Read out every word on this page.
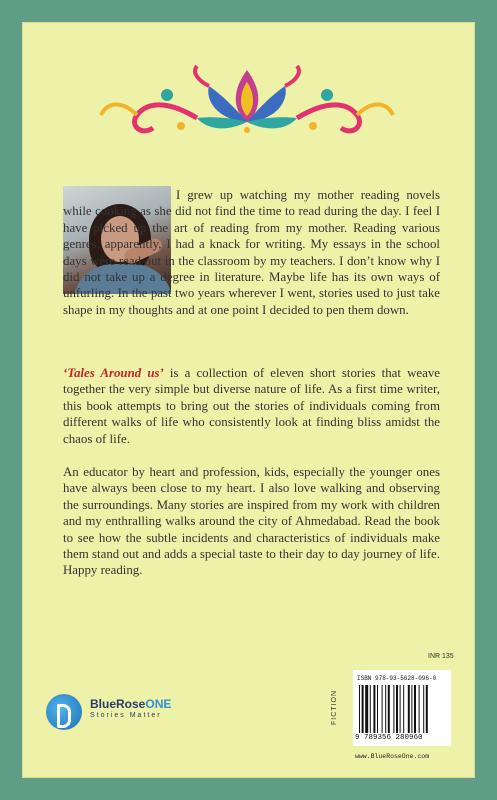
I grew up watching my mother reading novels while cooking as she did not find the time to read during the day. I feel I have picked up the art of reading from my mother. Reading various genres, apparently, I had a knack for writing. My essays in the school days were read out in the classroom by my teachers. I don’t know why I did not take up a degree in literature. Maybe life has its own ways of unfurling. In the past two years wherever I went, stories used to just take shape in my thoughts and at one point I decided to pen them down.

‘Tales Around us’ is a collection of eleven short stories that weave together the very simple but diverse nature of life. As a first time writer, this book attempts to bring out the stories of individuals coming from different walks of life who consistently look at finding bliss amidst the chaos of life.

An educator by heart and profession, kids, especially the younger ones have always been close to my heart. I also love walking and observing the surroundings. Many stories are inspired from my work with children and my enthralling walks around the city of Ahmedabad. Read the book to see how the subtle incidents and characteristics of individuals make them stand out and adds a special taste to their day to day journey of life. Happy reading.

BlueRoseONE
Stories Matter
INR 135
FICTION
ISBN 978-93-5628-096-0
9 789356 280960
www.BlueRoseOne.com
